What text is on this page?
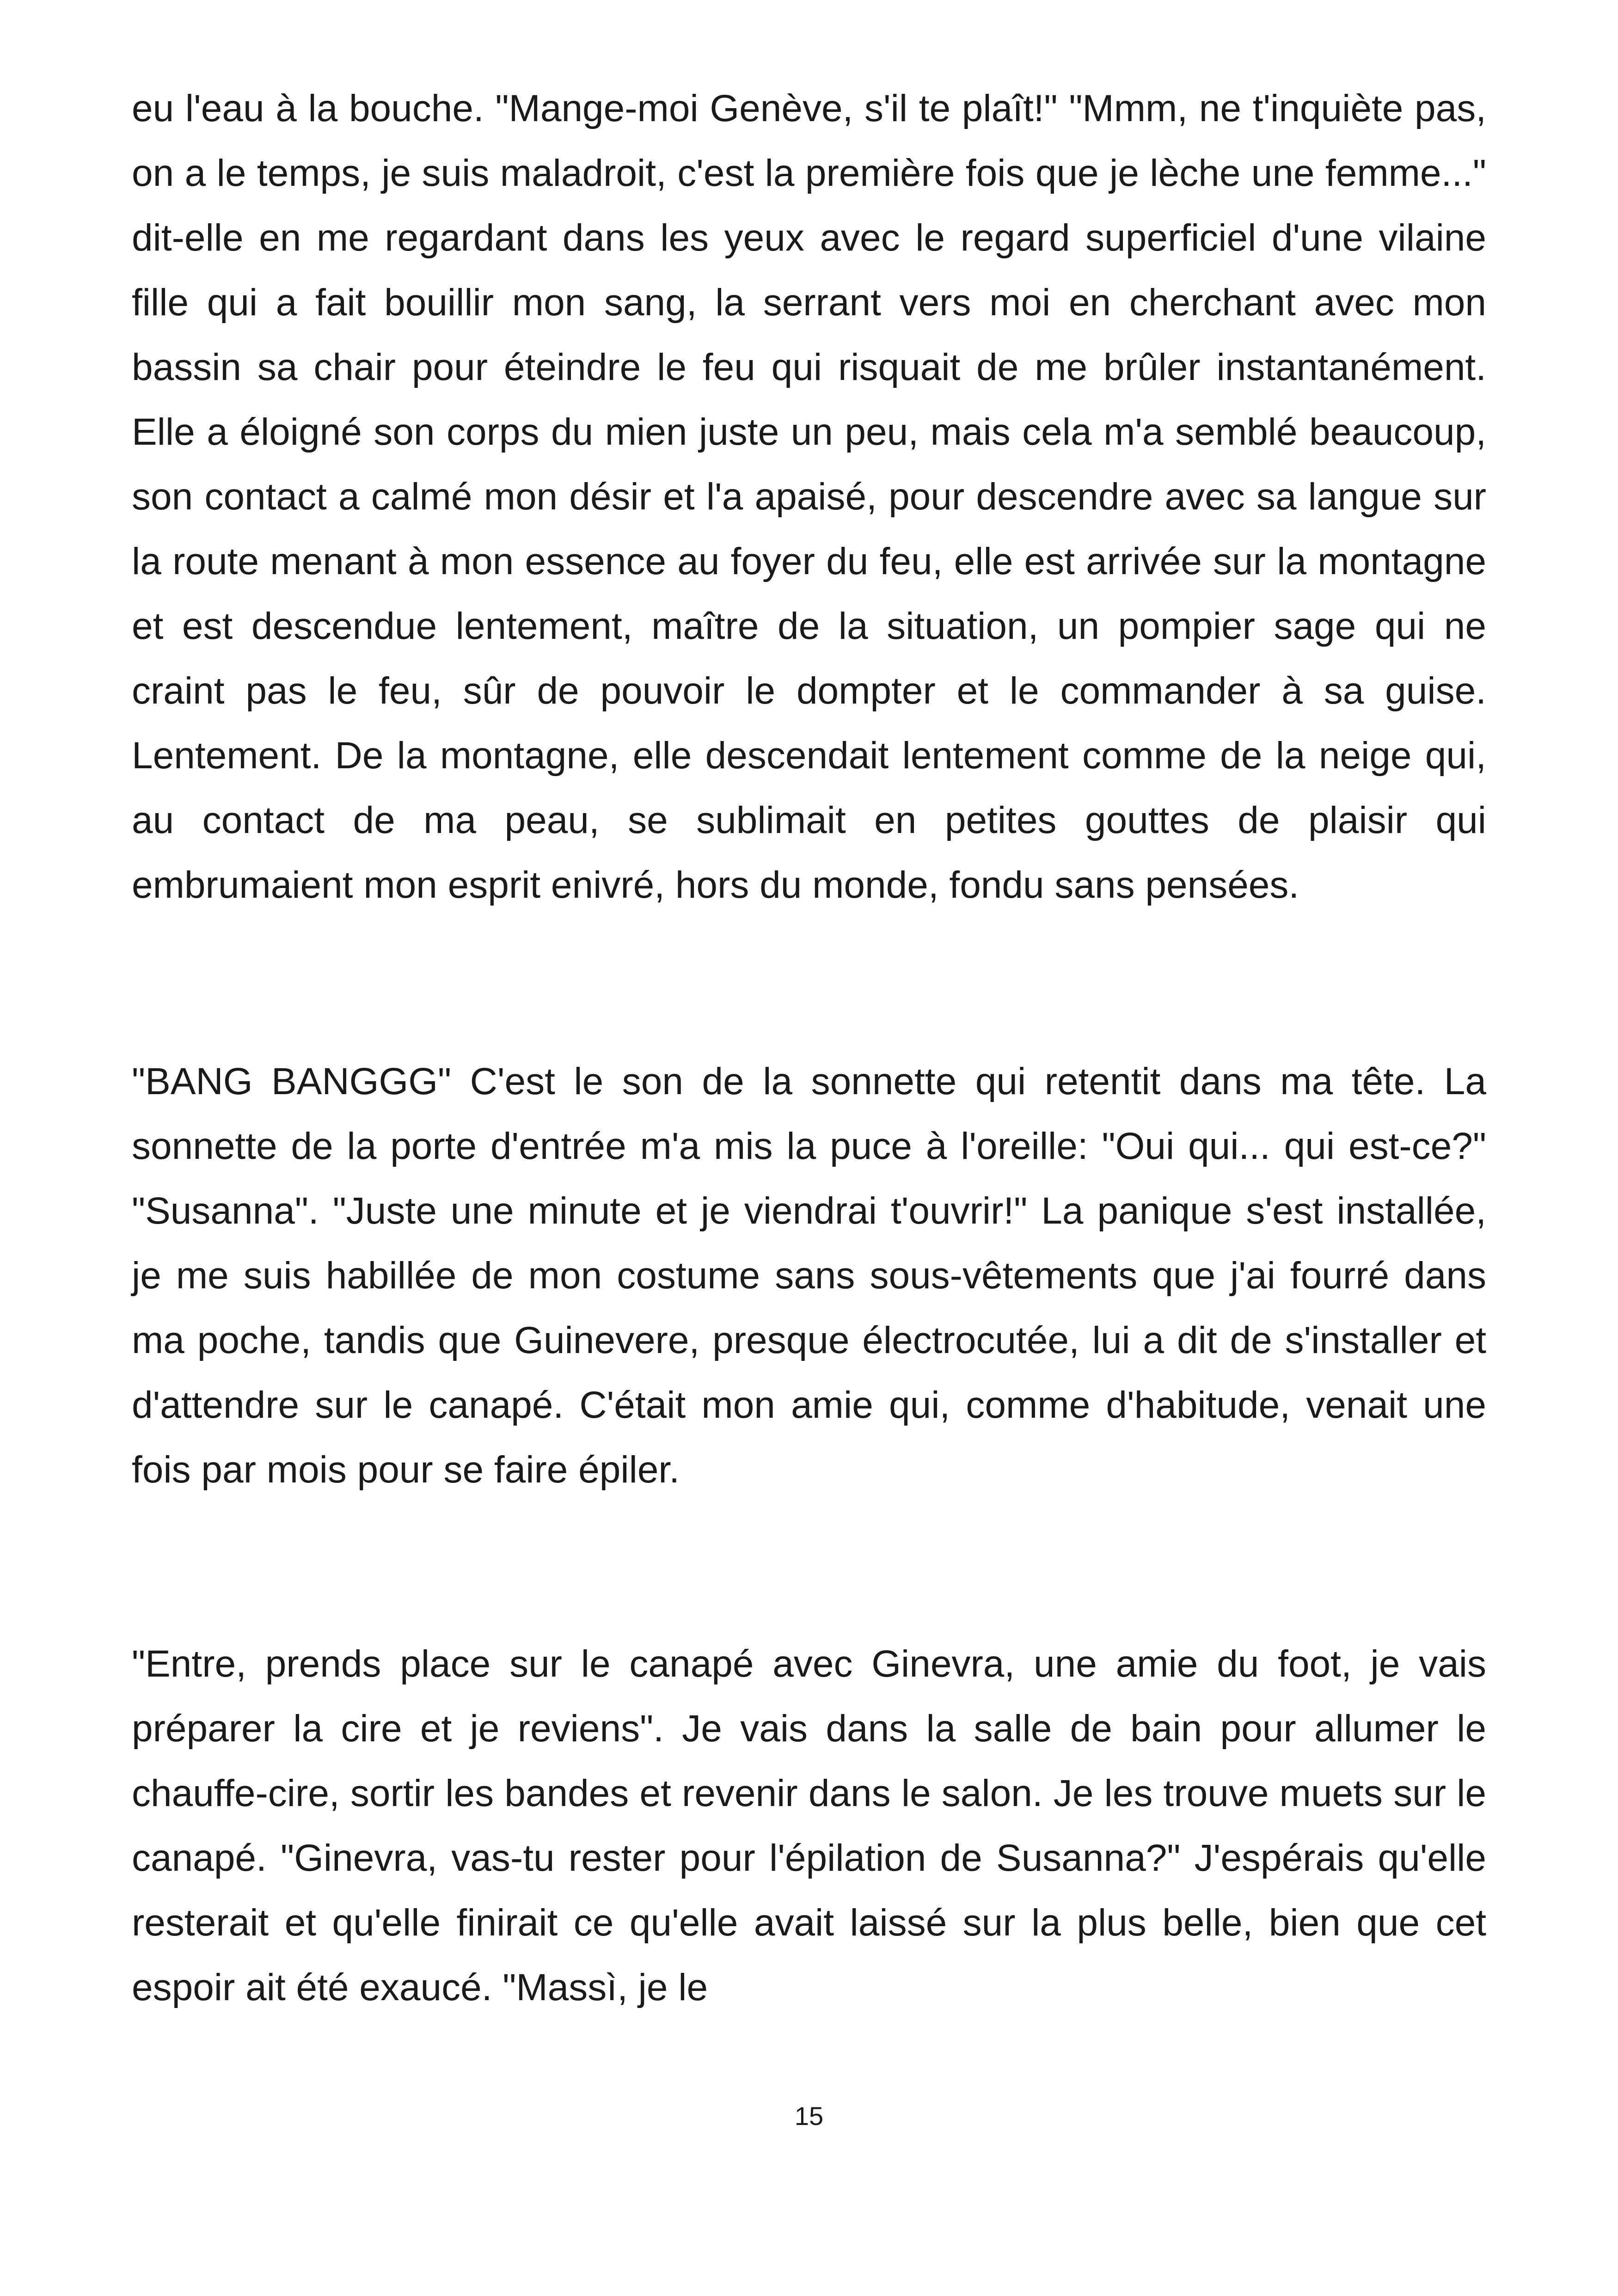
eu l'eau à la bouche. "Mange-moi Genève, s'il te plaît!" "Mmm, ne t'inquiète pas, on a le temps, je suis maladroit, c'est la première fois que je lèche une femme..." dit-elle en me regardant dans les yeux avec le regard superficiel d'une vilaine fille qui a fait bouillir mon sang, la serrant vers moi en cherchant avec mon bassin sa chair pour éteindre le feu qui risquait de me brûler instantanément. Elle a éloigné son corps du mien juste un peu, mais cela m'a semblé beaucoup, son contact a calmé mon désir et l'a apaisé, pour descendre avec sa langue sur la route menant à mon essence au foyer du feu, elle est arrivée sur la montagne et est descendue lentement, maître de la situation, un pompier sage qui ne craint pas le feu, sûr de pouvoir le dompter et le commander à sa guise. Lentement. De la montagne, elle descendait lentement comme de la neige qui, au contact de ma peau, se sublimait en petites gouttes de plaisir qui embrumaient mon esprit enivré, hors du monde, fondu sans pensées.

"BANG BANGGG" C'est le son de la sonnette qui retentit dans ma tête. La sonnette de la porte d'entrée m'a mis la puce à l'oreille: "Oui qui... qui est-ce?" "Susanna". "Juste une minute et je viendrai t'ouvrir!" La panique s'est installée, je me suis habillée de mon costume sans sous-vêtements que j'ai fourré dans ma poche, tandis que Guinevere, presque électrocutée, lui a dit de s'installer et d'attendre sur le canapé. C'était mon amie qui, comme d'habitude, venait une fois par mois pour se faire épiler.

"Entre, prends place sur le canapé avec Ginevra, une amie du foot, je vais préparer la cire et je reviens". Je vais dans la salle de bain pour allumer le chauffe-cire, sortir les bandes et revenir dans le salon. Je les trouve muets sur le canapé. "Ginevra, vas-tu rester pour l'épilation de Susanna?" J'espérais qu'elle resterait et qu'elle finirait ce qu'elle avait laissé sur la plus belle, bien que cet espoir ait été exaucé. "Massì, je le

15
